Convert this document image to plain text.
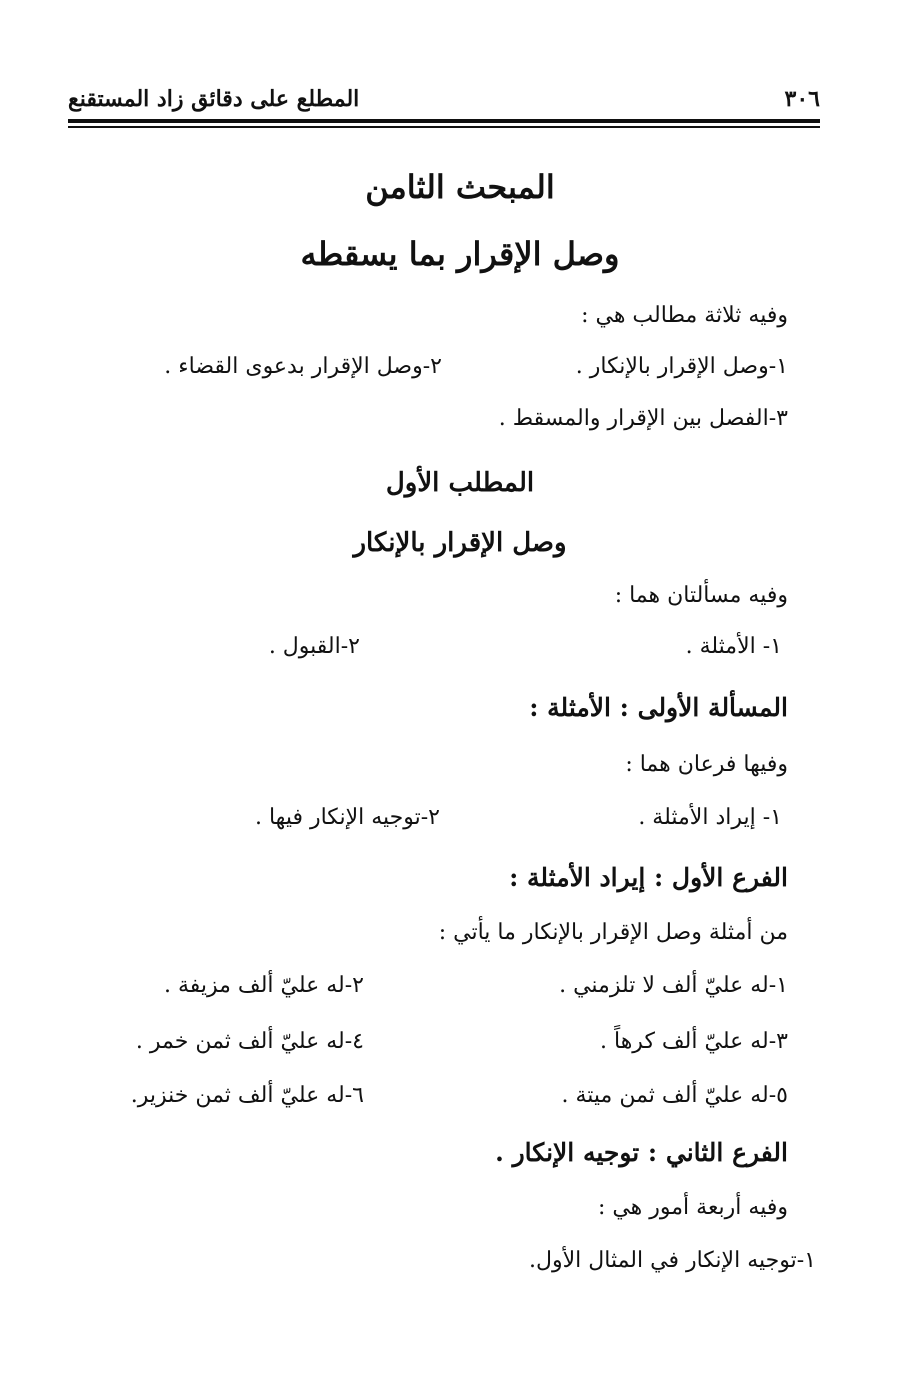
٣٠٦
المطلع على دقائق زاد المستقنع
المبحث الثامن
وصل الإقرار بما يسقطه
وفيه ثلاثة مطالب هي :
١-وصل الإقرار بالإنكار .
٢-وصل الإقرار بدعوى القضاء .
٣-الفصل بين الإقرار والمسقط .
المطلب الأول
وصل الإقرار بالإنكار
وفيه مسألتان هما :
١- الأمثلة .
٢-القبول .
المسألة الأولى : الأمثلة :
وفيها فرعان هما :
١- إيراد الأمثلة .
٢-توجيه الإنكار فيها .
الفرع الأول : إيراد الأمثلة :
من أمثلة وصل الإقرار بالإنكار ما يأتي :
١-له عليّ ألف لا تلزمني .
٢-له عليّ ألف مزيفة .
٣-له عليّ ألف كرهاً .
٤-له عليّ ألف ثمن خمر .
٥-له عليّ ألف ثمن ميتة .
٦-له عليّ ألف ثمن خنزير.
الفرع الثاني : توجيه الإنكار .
وفيه أربعة أمور هي :
١-توجيه الإنكار في المثال الأول.
